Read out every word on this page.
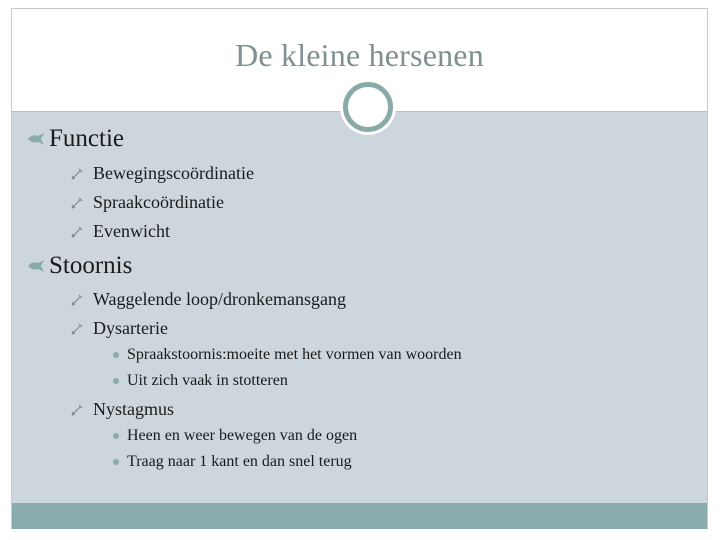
De kleine hersenen
Functie
Bewegingscoördinatie
Spraakcoördinatie
Evenwicht
Stoornis
Waggelende loop/dronkemansgang
Dysarterie
Spraakstoornis:moeite met het vormen van woorden
Uit zich vaak in stotteren
Nystagmus
Heen en weer bewegen van de ogen
Traag naar 1 kant en dan snel terug
